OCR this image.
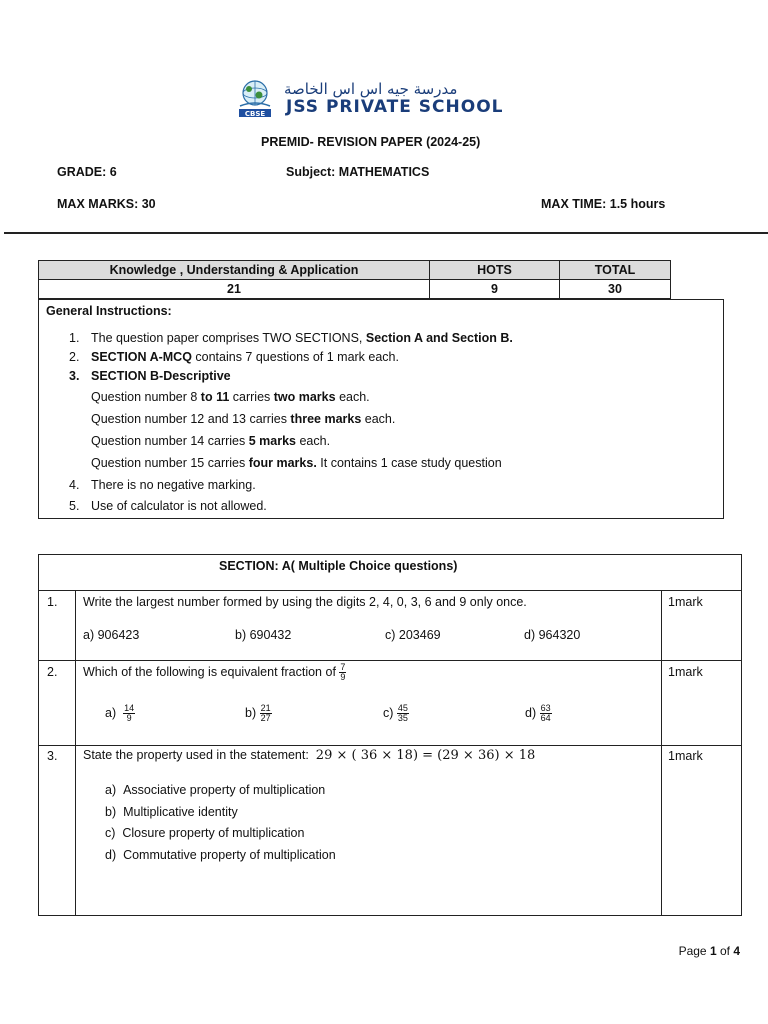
CBSE
مدرسة جيه اس اس الخاصة
JSS PRIVATE SCHOOL
PREMID- REVISION PAPER (2024-25)
GRADE: 6	Subject: MATHEMATICS
MAX MARKS: 30	MAX TIME: 1.5 hours
Knowledge , Understanding & Application	HOTS	TOTAL
21	9	30
General Instructions:
1. The question paper comprises TWO SECTIONS, Section A and Section B.
2. SECTION A-MCQ contains 7 questions of 1 mark each.
3. SECTION B-Descriptive
Question number 8 to 11 carries two marks each.
Question number 12 and 13 carries three marks each.
Question number 14 carries 5 marks each.
Question number 15 carries four marks. It contains 1 case study question
4. There is no negative marking.
5. Use of calculator is not allowed.
SECTION: A( Multiple Choice questions)
1. Write the largest number formed by using the digits 2, 4, 0, 3, 6 and 9 only once.	1mark
a) 906423	b) 690432	c) 203469	d) 964320
2. Which of the following is equivalent fraction of $\frac{7}{9}$	1mark
$a) \frac{14}{9}$	$b) \frac{21}{27}$	$c) \frac{45}{35}$	$d) \frac{63}{64}$
3. State the property used in the statement: 29 × ( 36 × 18) = (29 × 36) × 18	1mark
a) Associative property of multiplication
b) Multiplicative identity
c) Closure property of multiplication
d) Commutative property of multiplication
Page 1 of 4
